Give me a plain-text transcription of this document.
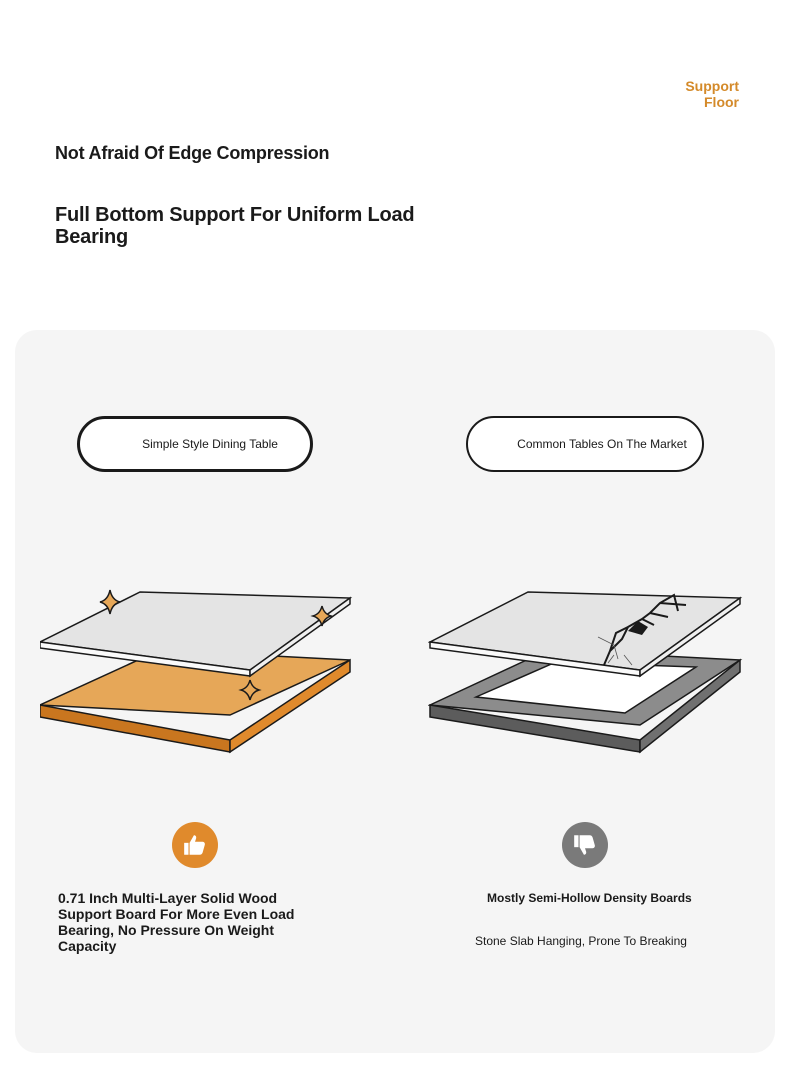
Support
Floor
Not Afraid Of Edge Compression
Full Bottom Support For Uniform Load Bearing
Simple Style Dining Table	Common Tables On The Market

0.71 Inch Multi-Layer Solid Wood Support Board For More Even Load Bearing, No Pressure On Weight Capacity

Mostly Semi-Hollow Density Boards

Stone Slab Hanging, Prone To Breaking
